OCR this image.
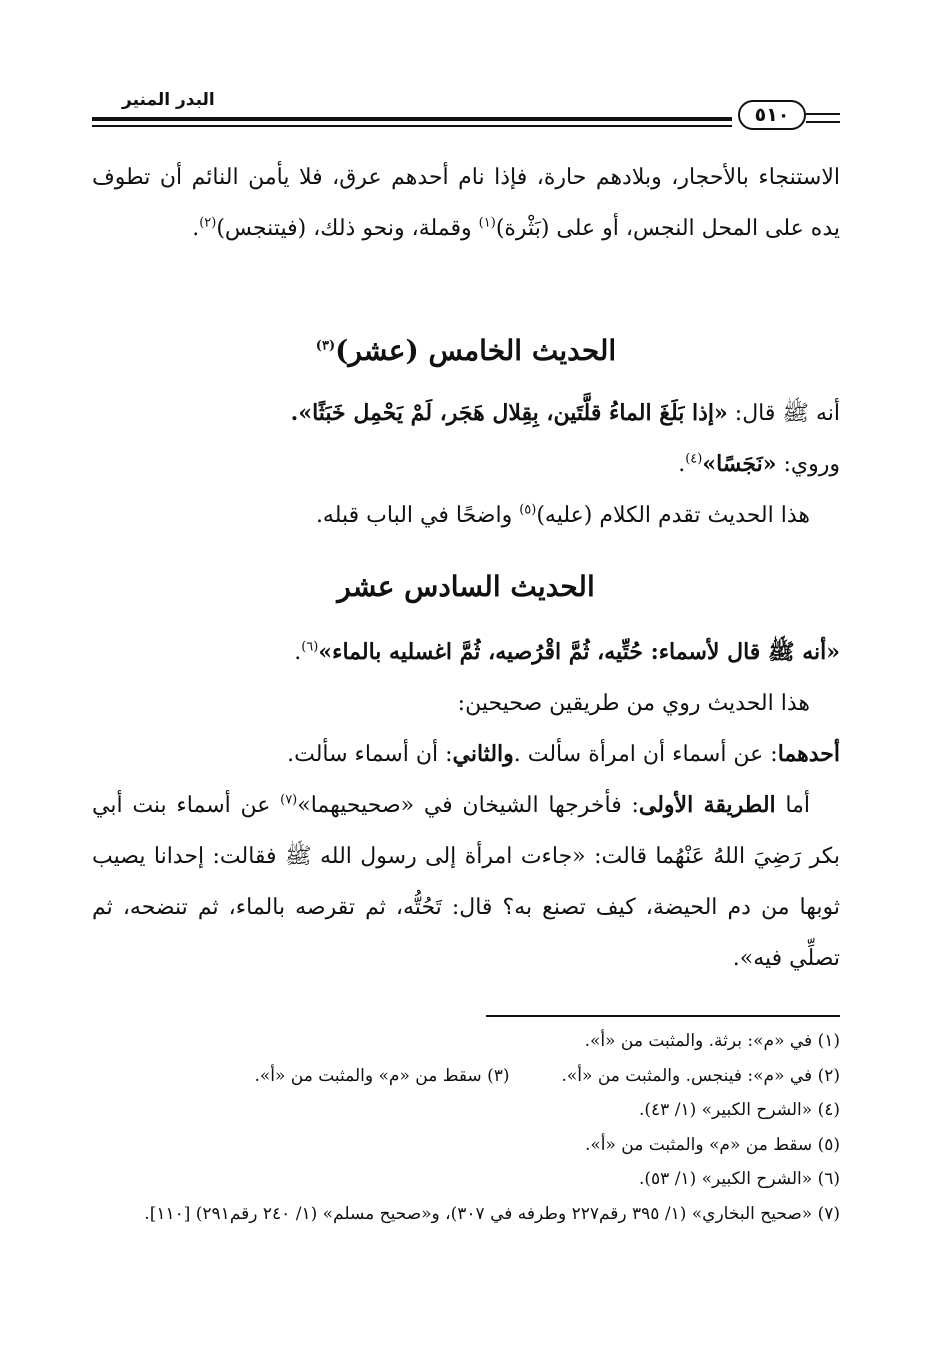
البدر المنير
٥١٠

الاستنجاء بالأحجار، وبلادهم حارة، فإذا نام أحدهم عرق، فلا يأمن النائم أن تطوف يده على المحل النجس، أو على (بَثْرة)$^{(١)}$ وقملة، ونحو ذلك، (فيتنجس)$^{(٢)}$.

الحديث الخامس (عشر)$^{(٣)}$

أنه ﷺ قال: «إذا بَلَغَ الماءُ قلَّتَين، بِقِلال هَجَر، لَمْ يَحْمِل خَبَثًا».

وروي: «نَجَسًا»$^{(٤)}$.

هذا الحديث تقدم الكلام (عليه)$^{(٥)}$ واضحًا في الباب قبله.

الحديث السادس عشر

«أنه ﷺ قال لأسماء: حُتِّيه، ثُمَّ اقْرُصيه، ثُمَّ اغسليه بالماء»$^{(٦)}$.

هذا الحديث روي من طريقين صحيحين:

أحدهما: عن أسماء أن امرأة سألت .والثاني: أن أسماء سألت.

أما الطريقة الأولى: فأخرجها الشيخان في «صحيحيهما»$^{(٧)}$ عن أسماء بنت أبي بكر رَضِيَ اللهُ عَنْهُما قالت: «جاءت امرأة إلى رسول الله ﷺ فقالت: إحدانا يصيب ثوبها من دم الحيضة، كيف تصنع به؟ قال: تَحُتُّه، ثم تقرصه بالماء، ثم تنضحه، ثم تصلِّي فيه».

(١) في «م»: برثة. والمثبت من «أ».
(٢) في «م»: فينجس. والمثبت من «أ».
(٣) سقط من «م» والمثبت من «أ».
(٤) «الشرح الكبير» (١/ ٤٣).
(٥) سقط من «م» والمثبت من «أ».
(٦) «الشرح الكبير» (١/ ٥٣).
(٧) «صحيح البخاري» (١/ ٣٩٥ رقم٢٢٧ وطرفه في ٣٠٧)، و«صحيح مسلم» (١/ ٢٤٠ رقم٢٩١) [١١٠].
